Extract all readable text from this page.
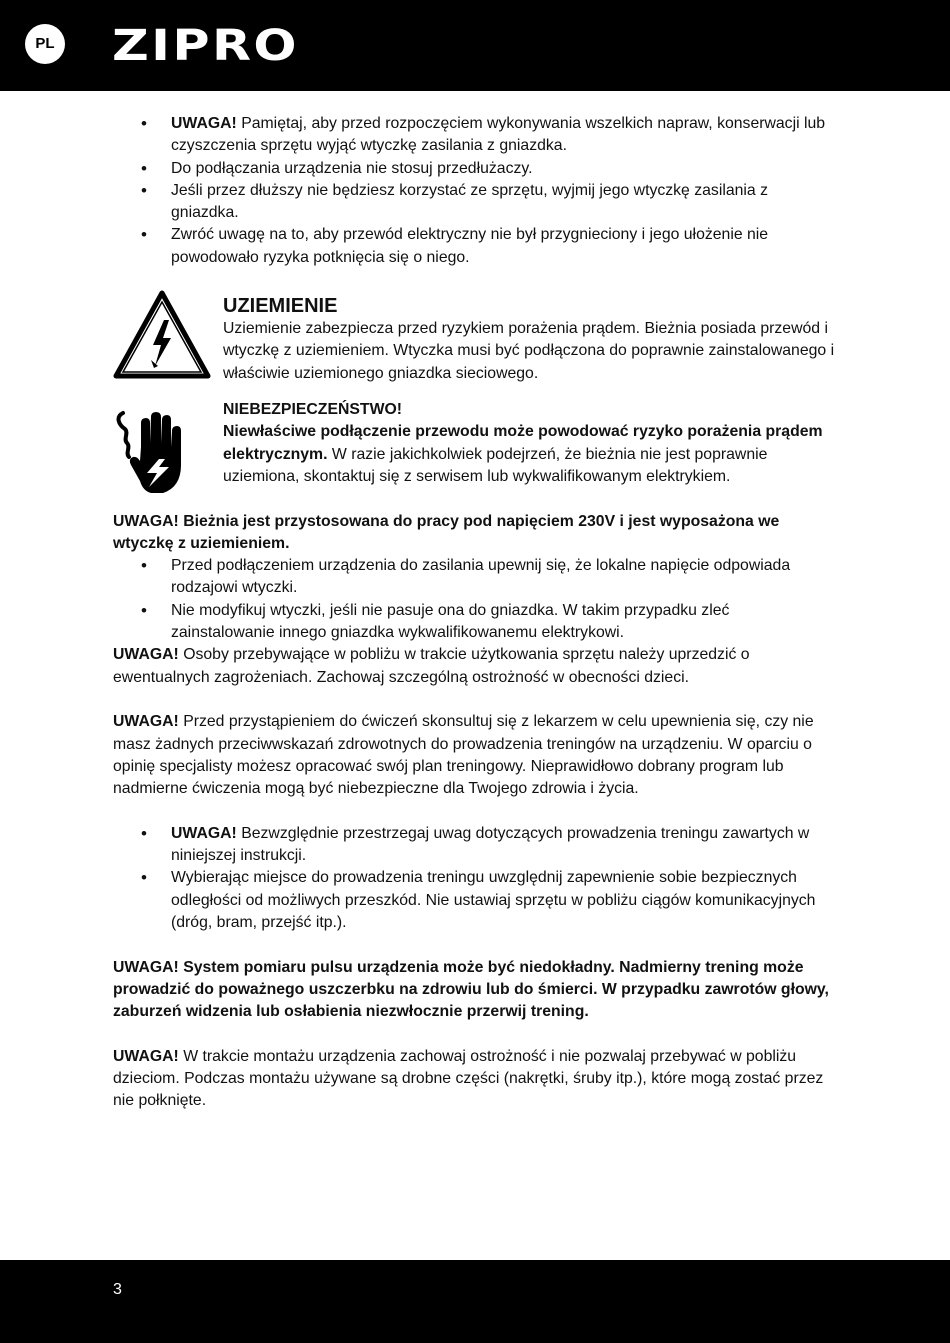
PL ZIPRO
• UWAGA! Pamiętaj, aby przed rozpoczęciem wykonywania wszelkich napraw, konserwacji lub czyszczenia sprzętu wyjąć wtyczkę zasilania z gniazdka.
• Do podłączania urządzenia nie stosuj przedłużaczy.
• Jeśli przez dłuższy nie będziesz korzystać ze sprzętu, wyjmij jego wtyczkę zasilania z gniazdka.
• Zwróć uwagę na to, aby przewód elektryczny nie był przygnieciony i jego ułożenie nie powodowało ryzyka potknięcia się o niego.
UZIEMIENIE

Uziemienie zabezpiecza przed ryzykiem porażenia prądem. Bieżnia posiada przewód i wtyczkę z uziemieniem. Wtyczka musi być podłączona do poprawnie zainstalowanego i właściwie uziemionego gniazdka sieciowego.

NIEBEZPIECZEŃSTWO!

Niewłaściwe podłączenie przewodu może powodować ryzyko porażenia prądem elektrycznym. W razie jakichkolwiek podejrzeń, że bieżnia nie jest poprawnie uziemiona, skontaktuj się z serwisem lub wykwalifikowanym elektrykiem.

UWAGA! Bieżnia jest przystosowana do pracy pod napięciem 230V i jest wyposażona we wtyczkę z uziemieniem.

• Przed podłączeniem urządzenia do zasilania upewnij się, że lokalne napięcie odpowiada rodzajowi wtyczki.
• Nie modyfikuj wtyczki, jeśli nie pasuje ona do gniazdka. W takim przypadku zleć zainstalowanie innego gniazdka wykwalifikowanemu elektrykowi.

UWAGA! Osoby przebywające w pobliżu w trakcie użytkowania sprzętu należy uprzedzić o ewentualnych zagrożeniach. Zachowaj szczególną ostrożność w obecności dzieci.

UWAGA! Przed przystąpieniem do ćwiczeń skonsultuj się z lekarzem w celu upewnienia się, czy nie masz żadnych przeciwwskazań zdrowotnych do prowadzenia treningów na urządzeniu. W oparciu o opinię specjalisty możesz opracować swój plan treningowy. Nieprawidłowo dobrany program lub nadmierne ćwiczenia mogą być niebezpieczne dla Twojego zdrowia i życia.

• UWAGA! Bezwzględnie przestrzegaj uwag dotyczących prowadzenia treningu zawartych w niniejszej instrukcji.
• Wybierając miejsce do prowadzenia treningu uwzględnij zapewnienie sobie bezpiecznych odległości od możliwych przeszkód. Nie ustawiaj sprzętu w pobliżu ciągów komunikacyjnych (dróg, bram, przejść itp.).

UWAGA! System pomiaru pulsu urządzenia może być niedokładny. Nadmierny trening może prowadzić do poważnego uszczerbku na zdrowiu lub do śmierci. W przypadku zawrotów głowy, zaburzeń widzenia lub osłabienia niezwłocznie przerwij trening.

UWAGA! W trakcie montażu urządzenia zachowaj ostrożność i nie pozwalaj przebywać w pobliżu dzieciom. Podczas montażu używane są drobne części (nakrętki, śruby itp.), które mogą zostać przez nie połknięte.

3
